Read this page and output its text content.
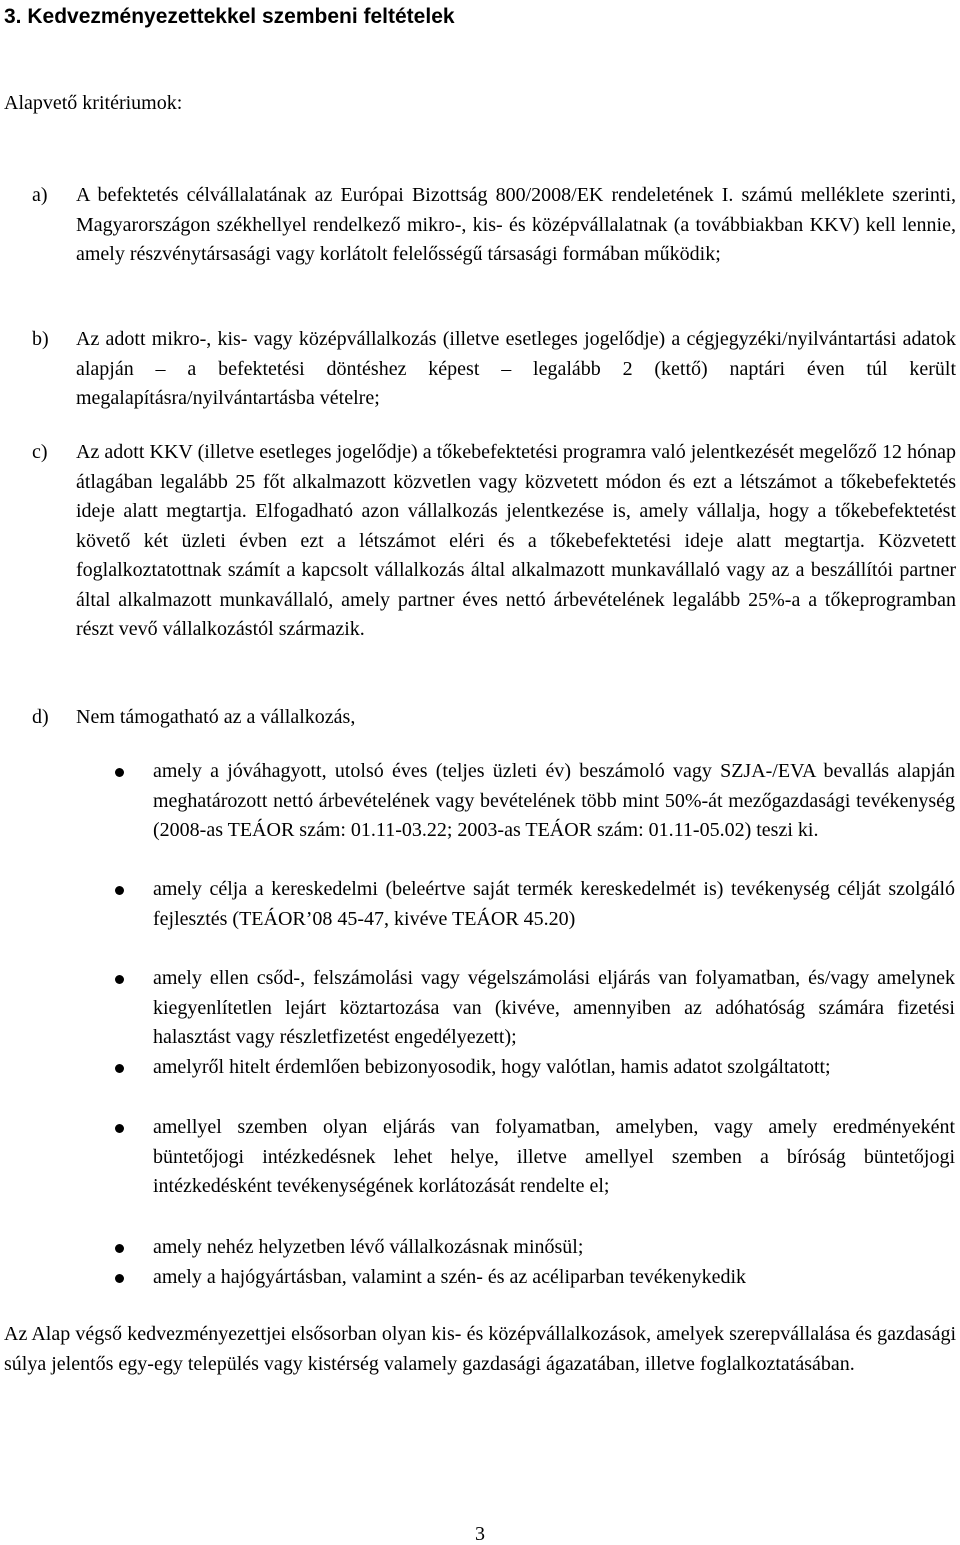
3. Kedvezményezettekkel szembeni feltételek

Alapvető kritériumok:

a) A befektetés célvállalatának az Európai Bizottság 800/2008/EK rendeletének I. számú melléklete szerinti, Magyarországon székhellyel rendelkező mikro-, kis- és középvállalatnak (a továbbiakban KKV) kell lennie, amely részvénytársasági vagy korlátolt felelősségű társasági formában működik;

b) Az adott mikro-, kis- vagy középvállalkozás (illetve esetleges jogelődje) a cégjegyzéki/nyilvántartási adatok alapján – a befektetési döntéshez képest – legalább 2 (kettő) naptári éven túl került megalapításra/nyilvántartásba vételre;

c) Az adott KKV (illetve esetleges jogelődje) a tőkebefektetési programra való jelentkezését megelőző 12 hónap átlagában legalább 25 főt alkalmazott közvetlen vagy közvetett módon és ezt a létszámot a tőkebefektetés ideje alatt megtartja. Elfogadható azon vállalkozás jelentkezése is, amely vállalja, hogy a tőkebefektetést követő két üzleti évben ezt a létszámot eléri és a tőkebefektetési ideje alatt megtartja. Közvetett foglalkoztatottnak számít a kapcsolt vállalkozás által alkalmazott munkavállaló vagy az a beszállítói partner által alkalmazott munkavállaló, amely partner éves nettó árbevételének legalább 25%-a a tőkeprogramban részt vevő vállalkozástól származik.

d) Nem támogatható az a vállalkozás,

amely a jóváhagyott, utolsó éves (teljes üzleti év) beszámoló vagy SZJA-/EVA bevallás alapján meghatározott nettó árbevételének vagy bevételének több mint 50%-át mezőgazdasági tevékenység (2008-as TEÁOR szám: 01.11-03.22; 2003-as TEÁOR szám: 01.11-05.02) teszi ki.

amely célja a kereskedelmi (beleértve saját termék kereskedelmét is) tevékenység célját szolgáló fejlesztés (TEÁOR’08 45-47, kivéve TEÁOR 45.20)

amely ellen csőd-, felszámolási vagy végelszámolási eljárás van folyamatban, és/vagy amelynek kiegyenlítetlen lejárt köztartozása van (kivéve, amennyiben az adóhatóság számára fizetési halasztást vagy részletfizetést engedélyezett);

amelyről hitelt érdemlően bebizonyosodik, hogy valótlan, hamis adatot szolgáltatott;

amellyel szemben olyan eljárás van folyamatban, amelyben, vagy amely eredményeként büntetőjogi intézkedésnek lehet helye, illetve amellyel szemben a bíróság büntetőjogi intézkedésként tevékenységének korlátozását rendelte el;

amely nehéz helyzetben lévő vállalkozásnak minősül;

amely a hajógyártásban, valamint a szén- és az acéliparban tevékenykedik

Az Alap végső kedvezményezettjei elsősorban olyan kis- és középvállalkozások, amelyek szerepvállalása és gazdasági súlya jelentős egy-egy település vagy kistérség valamely gazdasági ágazatában, illetve foglalkoztatásában.

3
